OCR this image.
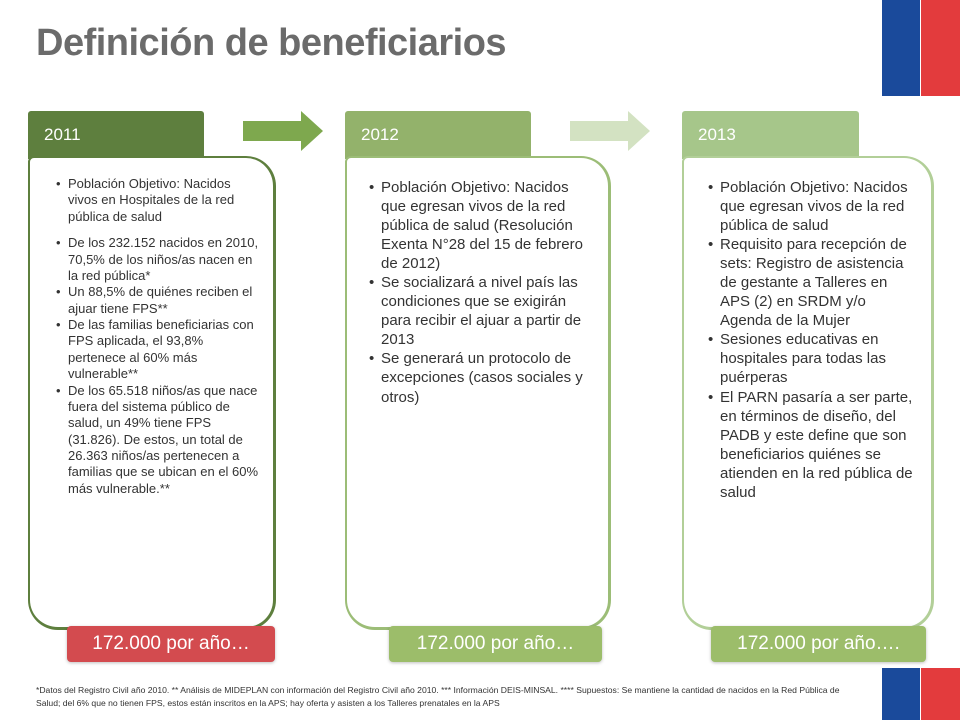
Definición de beneficiarios
2011
• Población Objetivo: Nacidos vivos en Hospitales de la red pública de salud
• De los 232.152 nacidos en 2010, 70,5% de los niños/as nacen en la red pública*
• Un 88,5% de quiénes reciben el ajuar tiene FPS**
• De las familias beneficiarias con FPS aplicada, el 93,8% pertenece al 60% más vulnerable**
• De los 65.518 niños/as que nace fuera del sistema público de salud, un 49% tiene FPS (31.826). De estos, un total de 26.363 niños/as pertenecen a familias que se ubican en el 60% más vulnerable.**
2012
• Población Objetivo: Nacidos que egresan vivos de la red pública de salud (Resolución Exenta N°28 del 15 de febrero de 2012)
• Se socializará a nivel país las condiciones que se exigirán para recibir el ajuar a partir de 2013
• Se generará un protocolo de excepciones (casos sociales y otros)
2013
• Población Objetivo: Nacidos que egresan vivos de la red pública de salud
• Requisito para recepción de sets: Registro de asistencia de gestante a Talleres en APS (2) en SRDM y/o Agenda de la Mujer
• Sesiones educativas en hospitales para todas las puérperas
• El PARN pasaría a ser parte, en términos de diseño, del PADB y este define que son beneficiarios quiénes se atienden en la red pública de salud
172.000 por año…	172.000 por año…	172.000 por año….
*Datos del Registro Civil año 2010. ** Análisis de MIDEPLAN con información del Registro Civil año 2010. *** Información DEIS-MINSAL. **** Supuestos: Se mantiene la cantidad de nacidos en la Red Pública de Salud; del 6% que no tienen FPS, estos están inscritos en la APS; hay oferta y asisten a los Talleres prenatales en la APS
